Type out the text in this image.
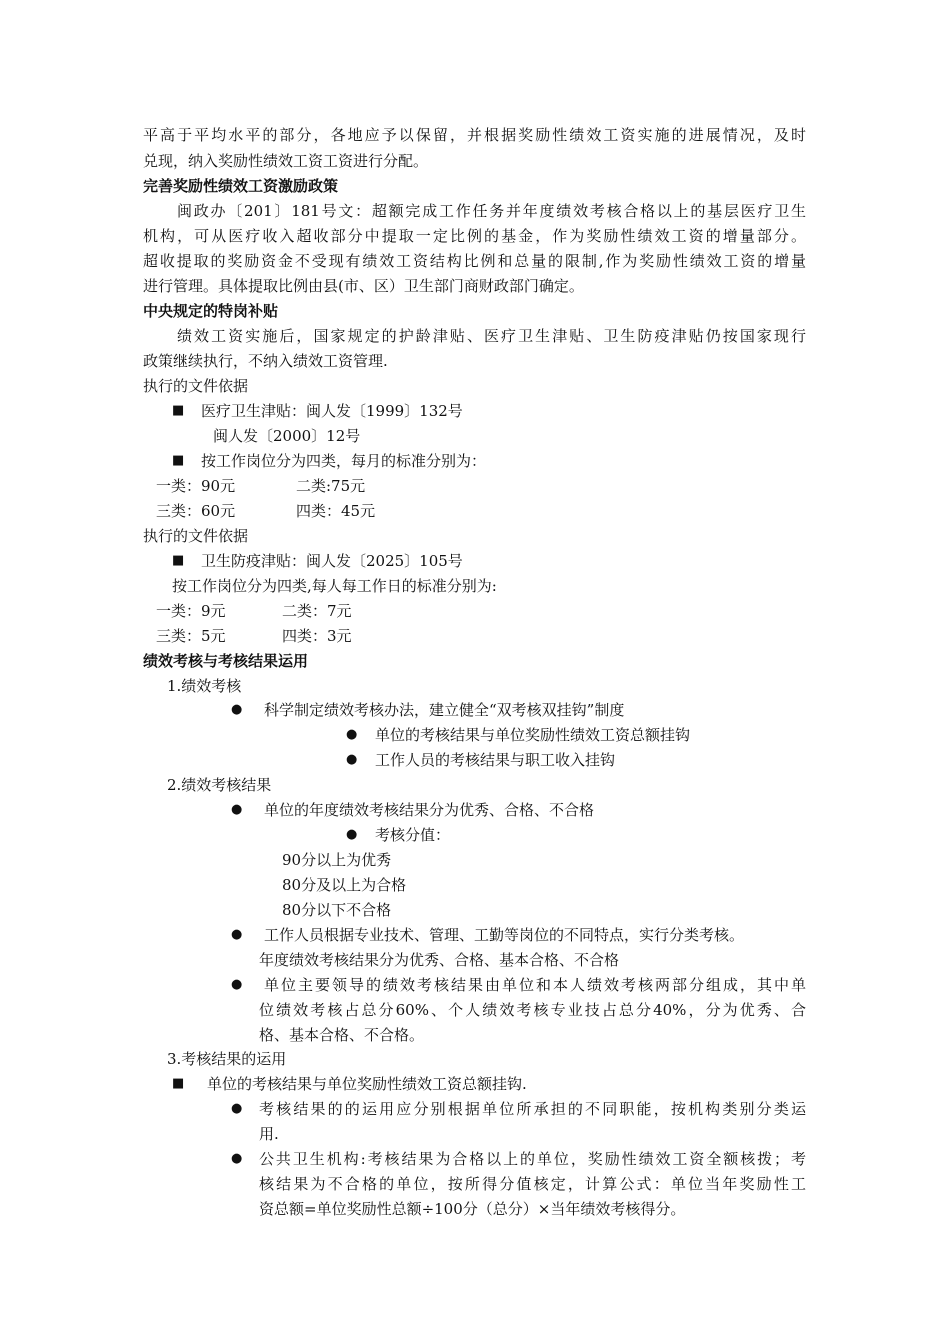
平高于平均水平的部分，各地应予以保留，并根据奖励性绩效工资实施的进展情况，及时
兑现，纳入奖励性绩效工资工资进行分配。
完善奖励性绩效工资激励政策
闽政办〔201〕181号文：超额完成工作任务并年度绩效考核合格以上的基层医疗卫生
机构，可从医疗收入超收部分中提取一定比例的基金，作为奖励性绩效工资的增量部分。
超收提取的奖励资金不受现有绩效工资结构比例和总量的限制,作为奖励性绩效工资的增量
进行管理。具体提取比例由县(市、区）卫生部门商财政部门确定。
中央规定的特岗补贴
绩效工资实施后，国家规定的护龄津贴、医疗卫生津贴、卫生防疫津贴仍按国家现行
政策继续执行，不纳入绩效工资管理.
执行的文件依据
■ 医疗卫生津贴：闽人发〔1999〕132号
闽人发〔2000〕12号
■ 按工作岗位分为四类，每月的标准分别为：
一类：90元	二类:75元
三类：60元	四类：45元
执行的文件依据
■ 卫生防疫津贴：闽人发〔2025〕105号
按工作岗位分为四类,每人每工作日的标准分别为:
一类：9元	二类：7元
三类：5元	四类：3元
绩效考核与考核结果运用
1.绩效考核
● 科学制定绩效考核办法，建立健全“双考核双挂钩”制度
● 单位的考核结果与单位奖励性绩效工资总额挂钩
● 工作人员的考核结果与职工收入挂钩
2.绩效考核结果
● 单位的年度绩效考核结果分为优秀、合格、不合格
● 考核分值：
90分以上为优秀
80分及以上为合格
80分以下不合格
● 工作人员根据专业技术、管理、工勤等岗位的不同特点，实行分类考核。
年度绩效考核结果分为优秀、合格、基本合格、不合格
● 单位主要领导的绩效考核结果由单位和本人绩效考核两部分组成，其中单
位绩效考核占总分60%、个人绩效考核专业技占总分40%，分为优秀、合
格、基本合格、不合格。
3.考核结果的运用
■ 单位的考核结果与单位奖励性绩效工资总额挂钩.
● 考核结果的的运用应分别根据单位所承担的不同职能，按机构类别分类运
用.
● 公共卫生机构:考核结果为合格以上的单位，奖励性绩效工资全额核拨；考
核结果为不合格的单位，按所得分值核定，计算公式：单位当年奖励性工
资总额=单位奖励性总额÷100分（总分）×当年绩效考核得分。
